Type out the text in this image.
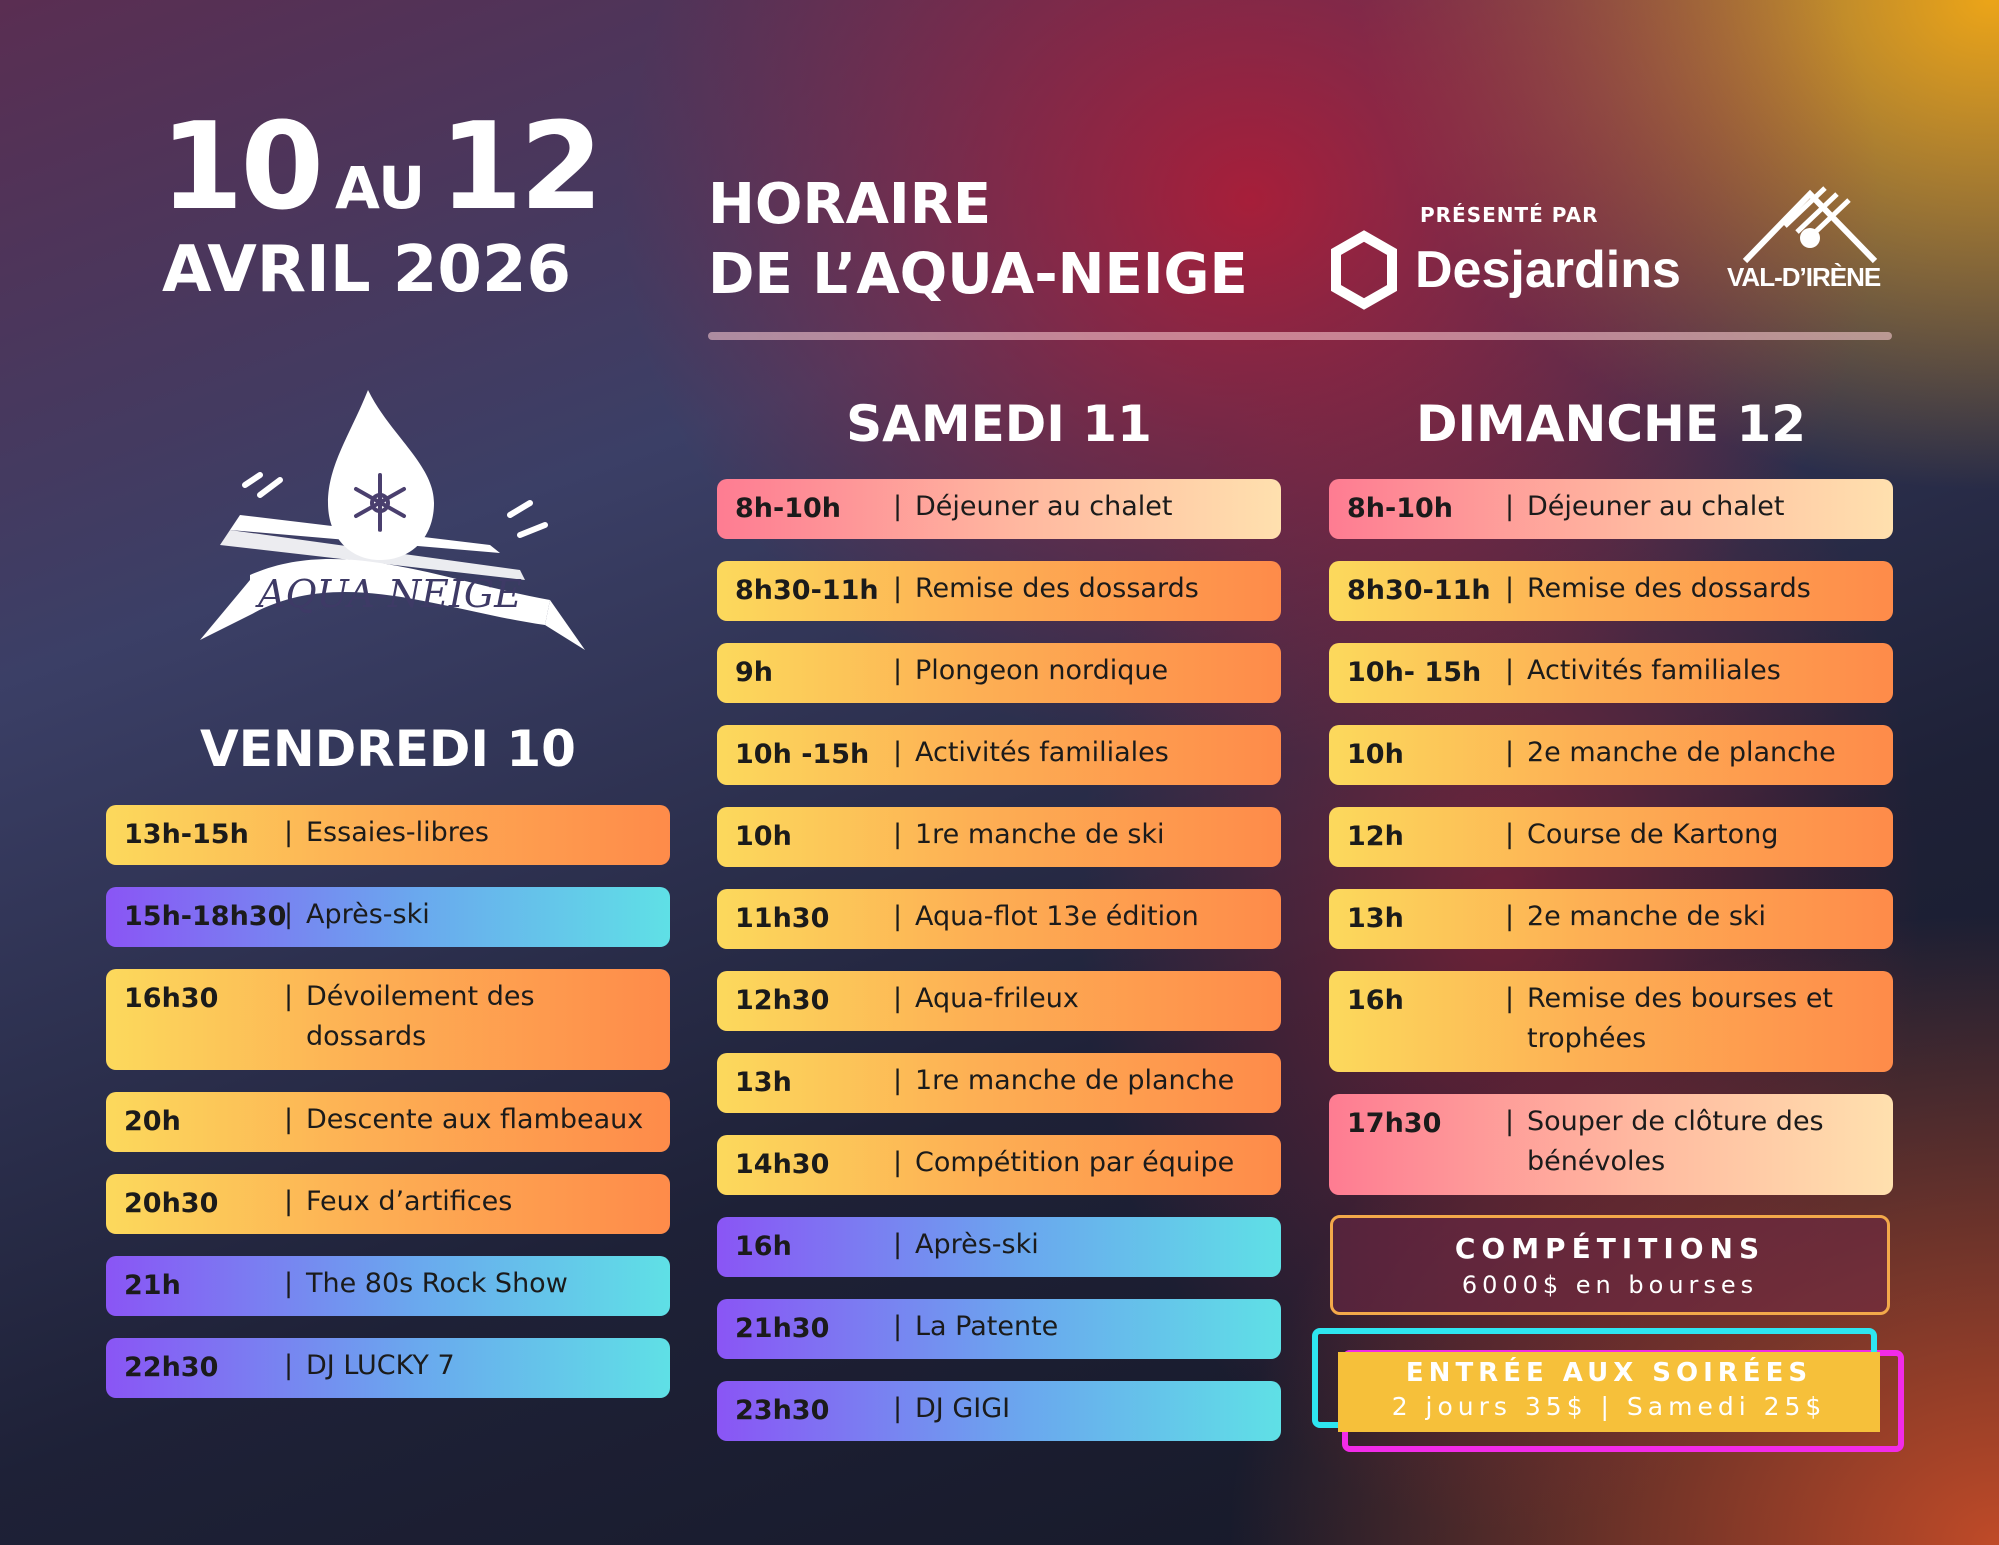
10 AU 12
AVRIL 2026
HORAIRE
DE L’AQUA-NEIGE
PRÉSENTÉ PAR
Desjardins VAL-D’IRÈNE
AQUA-NEIGE
VENDREDI 10
SAMEDI 11	DIMANCHE 12
13h-15h | Essaies-libres
15h-18h30 | Après-ski
16h30	| Dévoilement des dossards
20h	| Descente aux flambeaux
20h30	| Feux d’artifices
21h	| The 80s Rock Show
22h30	| DJ LUCKY 7
8h-10h	| Déjeuner au chalet
8h30-11h | Remise des dossards
9h	| Plongeon nordique
10h -15h | Activités familiales
10h	| 1re manche de ski
11h30	| Aqua-flot 13e édition
12h30	| Aqua-frileux
13h	| 1re manche de planche
14h30	| Compétition par équipe
16h	| Après-ski
21h30	| La Patente
23h30	| DJ GIGI
8h-10h	| Déjeuner au chalet
8h30-11h | Remise des dossards
10h- 15h | Activités familiales
10h	| 2e manche de planche
12h	| Course de Kartong
13h	| 2e manche de ski
16h	| Remise des bourses et trophées
17h30	| Souper de clôture des bénévoles
COMPÉTITIONS
6000$ en bourses
ENTRÉE AUX SOIRÉES
2 jours 35$ | Samedi 25$
